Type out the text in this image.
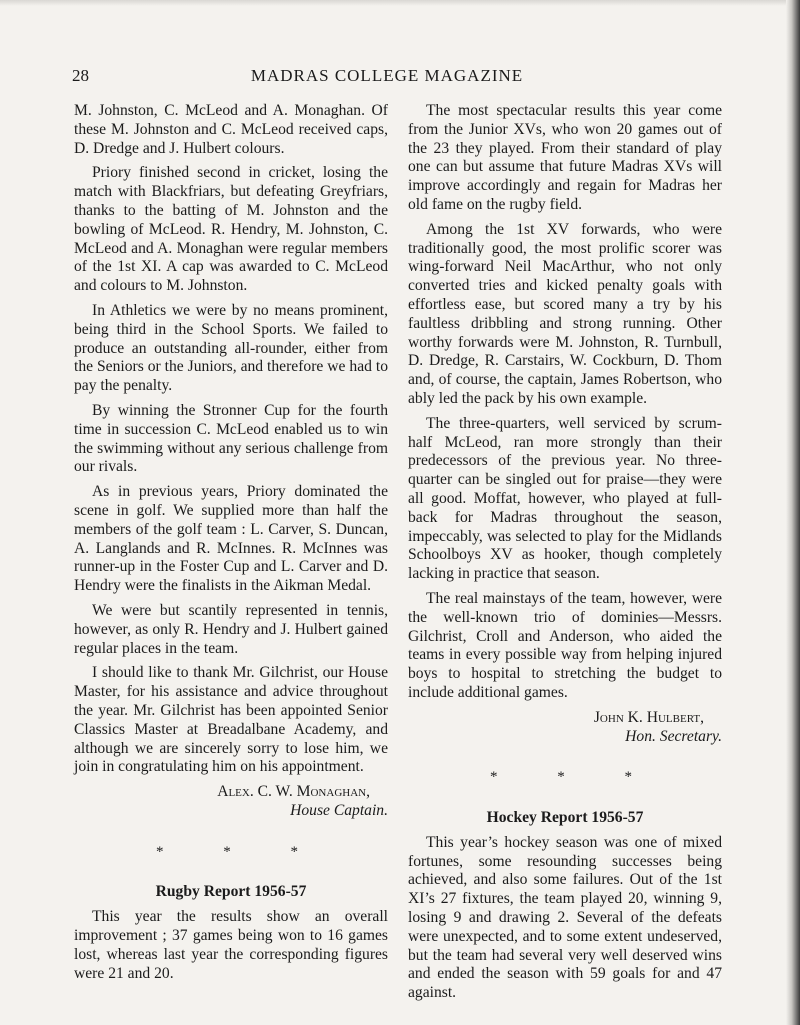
28	MADRAS COLLEGE MAGAZINE

M. Johnston, C. McLeod and A. Monaghan. Of these M. Johnston and C. McLeod received caps, D. Dredge and J. Hulbert colours.

Priory finished second in cricket, losing the match with Blackfriars, but defeating Greyfriars, thanks to the batting of M. Johnston and the bowling of McLeod. R. Hendry, M. Johnston, C. McLeod and A. Monaghan were regular members of the 1st XI. A cap was awarded to C. McLeod and colours to M. Johnston.

In Athletics we were by no means prominent, being third in the School Sports. We failed to produce an outstanding all-rounder, either from the Seniors or the Juniors, and therefore we had to pay the penalty.

By winning the Stronner Cup for the fourth time in succession C. McLeod enabled us to win the swimming without any serious challenge from our rivals.

As in previous years, Priory dominated the scene in golf. We supplied more than half the members of the golf team : L. Carver, S. Duncan, A. Langlands and R. McInnes. R. McInnes was runner-up in the Foster Cup and L. Carver and D. Hendry were the finalists in the Aikman Medal.

We were but scantily represented in tennis, however, as only R. Hendry and J. Hulbert gained regular places in the team.

I should like to thank Mr. Gilchrist, our House Master, for his assistance and advice throughout the year. Mr. Gilchrist has been appointed Senior Classics Master at Breadalbane Academy, and although we are sincerely sorry to lose him, we join in congratulating him on his appointment.

Alex. C. W. Monaghan,
House Captain.
* * *
Rugby Report 1956-57

This year the results show an overall improvement ; 37 games being won to 16 games lost, whereas last year the corresponding figures were 21 and 20.

The most spectacular results this year come from the Junior XVs, who won 20 games out of the 23 they played. From their standard of play one can but assume that future Madras XVs will improve accordingly and regain for Madras her old fame on the rugby field.

Among the 1st XV forwards, who were traditionally good, the most prolific scorer was wing-forward Neil MacArthur, who not only converted tries and kicked penalty goals with effortless ease, but scored many a try by his faultless dribbling and strong running. Other worthy forwards were M. Johnston, R. Turnbull, D. Dredge, R. Carstairs, W. Cockburn, D. Thom and, of course, the captain, James Robertson, who ably led the pack by his own example.

The three-quarters, well serviced by scrum-half McLeod, ran more strongly than their predecessors of the previous year. No three-quarter can be singled out for praise—they were all good. Moffat, however, who played at full-back for Madras throughout the season, impeccably, was selected to play for the Midlands Schoolboys XV as hooker, though completely lacking in practice that season.

The real mainstays of the team, however, were the well-known trio of dominies—Messrs. Gilchrist, Croll and Anderson, who aided the teams in every possible way from helping injured boys to hospital to stretching the budget to include additional games.

John K. Hulbert,
Hon. Secretary.
* * *
Hockey Report 1956-57

This year’s hockey season was one of mixed fortunes, some resounding successes being achieved, and also some failures. Out of the 1st XI’s 27 fixtures, the team played 20, winning 9, losing 9 and drawing 2. Several of the defeats were unexpected, and to some extent undeserved, but the team had several very well deserved wins and ended the season with 59 goals for and 47 against.
